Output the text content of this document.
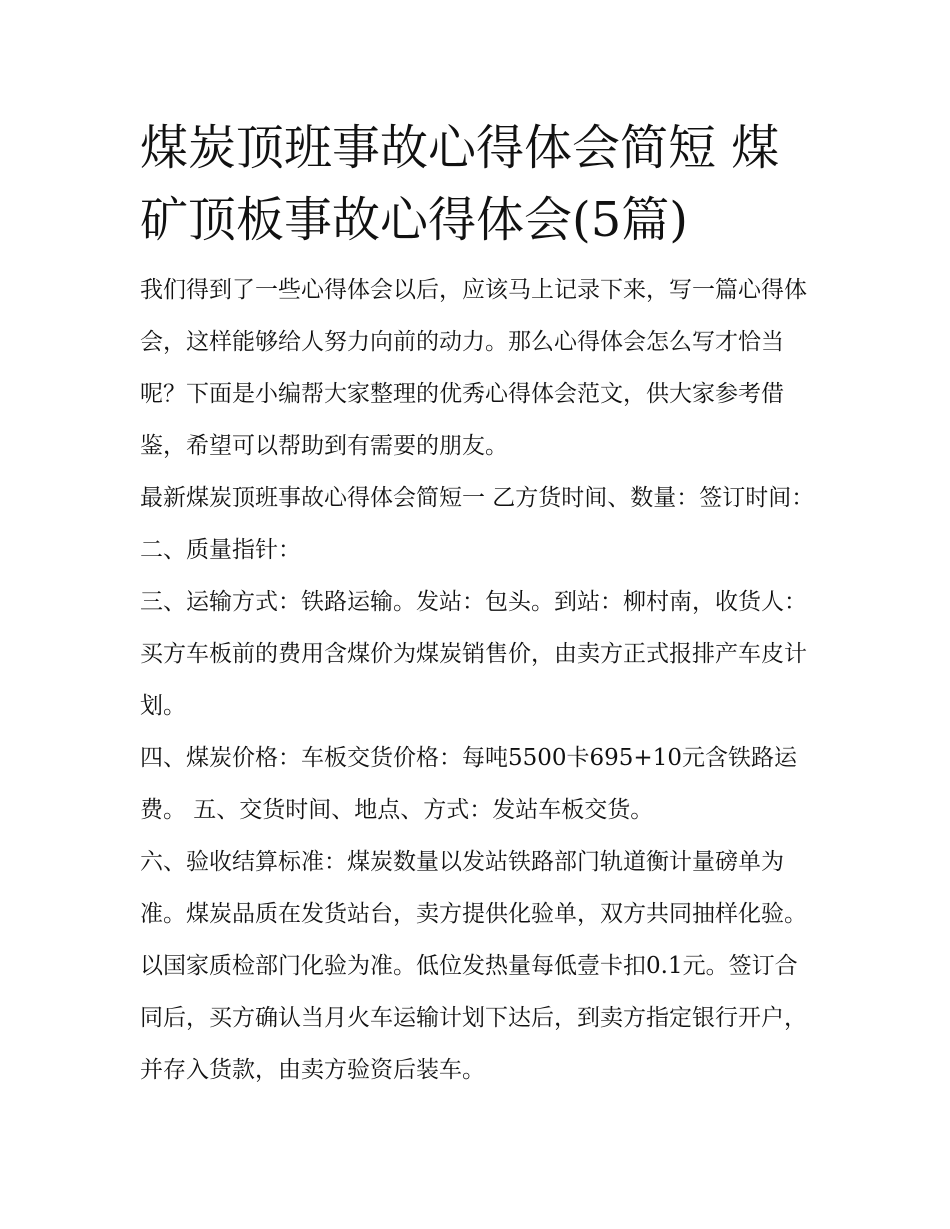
煤炭顶班事故心得体会简短 煤矿顶板事故心得体会(5篇)

我们得到了一些心得体会以后，应该马上记录下来，写一篇心得体会，这样能够给人努力向前的动力。那么心得体会怎么写才恰当呢？下面是小编帮大家整理的优秀心得体会范文，供大家参考借鉴，希望可以帮助到有需要的朋友。

最新煤炭顶班事故心得体会简短一 乙方货时间、数量：签订时间： 二、质量指针：

三、运输方式：铁路运输。发站：包头。到站：柳村南，收货人：买方车板前的费用含煤价为煤炭销售价，由卖方正式报排产车皮计划。

四、煤炭价格：车板交货价格：每吨5500卡695+10元含铁路运费。 五、交货时间、地点、方式：发站车板交货。

六、验收结算标准：煤炭数量以发站铁路部门轨道衡计量磅单为准。煤炭品质在发货站台，卖方提供化验单，双方共同抽样化验。以国家质检部门化验为准。低位发热量每低壹卡扣0.1元。签订合同后，买方确认当月火车运输计划下达后，到卖方指定银行开户，并存入货款，由卖方验资后装车。
